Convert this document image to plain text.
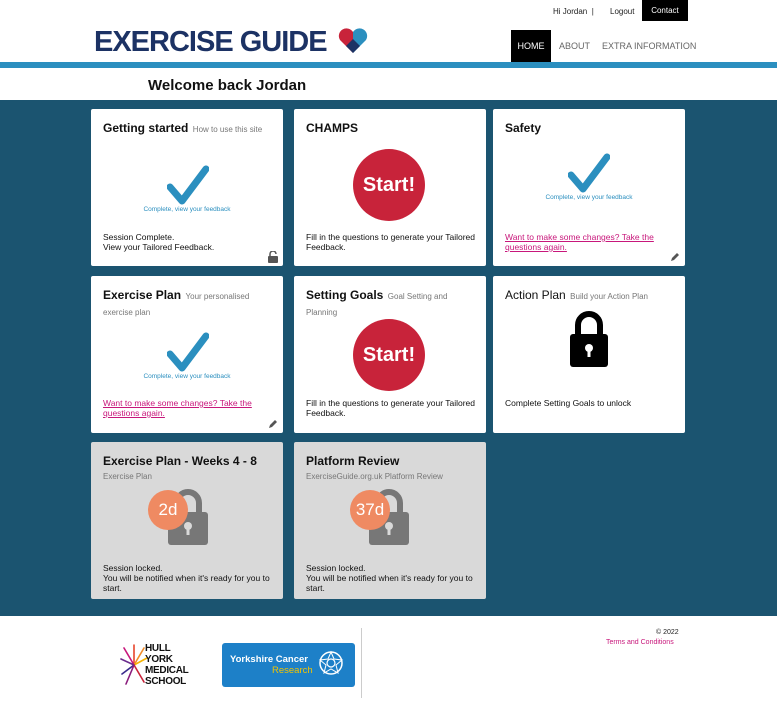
Hi Jordan | Logout	Contact
EXERCISE GUIDE	HOME	ABOUT EXTRA INFORMATION
Welcome back Jordan
Getting started How to use this site
Complete, view your feedback
Session Complete.
View your Tailored Feedback.
CHAMPS
Start!
Fill in the questions to generate your Tailored Feedback.
Safety
Complete, view your feedback
Want to make some changes? Take the questions again.
Exercise Plan Your personalised exercise plan
Complete, view your feedback
Want to make some changes? Take the questions again.
Setting Goals Goal Setting and Planning
Start!
Fill in the questions to generate your Tailored Feedback.
Action Plan Build your Action Plan
Complete Setting Goals to unlock
Exercise Plan - Weeks 4 - 8
Exercise Plan
2d
Session locked.
You will be notified when it's ready for you to start.
Platform Review
ExerciseGuide.org.uk Platform Review
37d
Session locked.
You will be notified when it's ready for you to start.
HULL
YORK
MEDICAL
SCHOOL
Yorkshire Cancer
Research
© 2022
Terms and Conditions
